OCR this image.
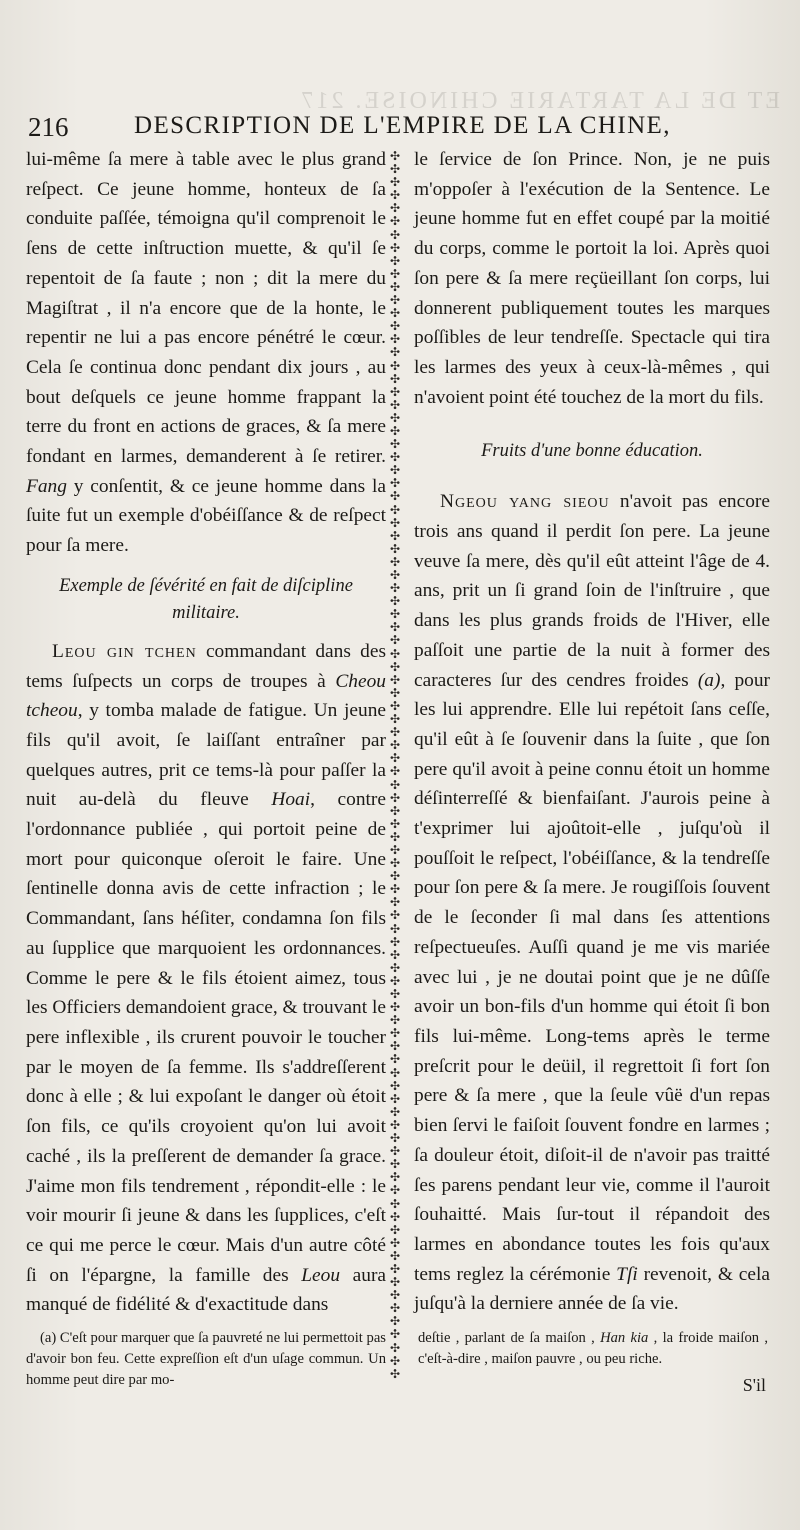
ET DE LA TARTARIE CHINOISE. 217
216	DESCRIPTION DE L'EMPIRE DE LA CHINE,

lui-même ſa mere à table avec le plus grand reſpect. Ce jeune homme, honteux de ſa conduite paſſée, témoigna qu'il comprenoit le ſens de cette inſtruction muette, & qu'il ſe repentoit de ſa faute ; non ; dit la mere du Magiſtrat , il n'a encore que de la honte, le repentir ne lui a pas encore pénétré le cœur. Cela ſe continua donc pendant dix jours , au bout deſquels ce jeune homme frappant la terre du front en actions de graces, & ſa mere fondant en larmes, demanderent à ſe retirer. Fang y conſentit, & ce jeune homme dans la ſuite fut un exemple d'obéiſſance & de reſpect pour ſa mere.

Exemple de ſévérité en fait de diſcipline militaire.

Leou gin tchen commandant dans des tems ſuſpects un corps de troupes à Cheou tcheou, y tomba malade de fatigue. Un jeune fils qu'il avoit, ſe laiſſant entraîner par quelques autres, prit ce tems-là pour paſſer la nuit au-delà du fleuve Hoai, contre l'ordonnance publiée , qui portoit peine de mort pour quiconque oſeroit le faire. Une ſentinelle donna avis de cette infraction ; le Commandant, ſans héſiter, condamna ſon fils au ſupplice que marquoient les ordonnances. Comme le pere & le fils étoient aimez, tous les Officiers demandoient grace, & trouvant le pere inflexible , ils crurent pouvoir le toucher par le moyen de ſa femme. Ils s'addreſſerent donc à elle ; & lui expoſant le danger où étoit ſon fils, ce qu'ils croyoient qu'on lui avoit caché , ils la preſſerent de demander ſa grace. J'aime mon fils tendrement , répondit-elle : le voir mourir ſi jeune & dans les ſupplices, c'eſt ce qui me perce le cœur. Mais d'un autre côté ſi on l'épargne, la famille des Leou aura manqué de fidélité & d'exactitude dans

✣
✣
✣
✣
✣
✣
✣
✣
✣
✣
✣
✣
✣
✣
✣
✣
✣
✣
✣
✣
✣
✣
✣
✣
✣
✣
✣
✣
✣
✣
✣
✣
✣
✣
✣
✣
✣
✣
✣
✣
✣
✣
✣
✣
✣
✣
✣
✣
✣
✣
✣
✣
✣
✣
✣
✣
✣
✣
✣
✣
✣
✣
✣
✣
✣
✣
✣
✣
✣
✣
✣
✣
✣
✣
✣
✣
✣
✣
✣
✣
✣
✣
✣
✣
✣
✣
✣
✣
✣
✣
✣
✣
✣
✣

le ſervice de ſon Prince. Non, je ne puis m'oppoſer à l'exécution de la Sentence. Le jeune homme fut en effet coupé par la moitié du corps, comme le portoit la loi. Après quoi ſon pere & ſa mere reçüeillant ſon corps, lui donnerent publiquement toutes les marques poſſibles de leur tendreſſe. Spectacle qui tira les larmes des yeux à ceux-là-mêmes , qui n'avoient point été touchez de la mort du fils.

Fruits d'une bonne éducation.

Ngeou yang sieou n'avoit pas encore trois ans quand il perdit ſon pere. La jeune veuve ſa mere, dès qu'il eût atteint l'âge de 4. ans, prit un ſi grand ſoin de l'inſtruire , que dans les plus grands froids de l'Hiver, elle paſſoit une partie de la nuit à former des caracteres ſur des cendres froides (a), pour les lui apprendre. Elle lui repétoit ſans ceſſe, qu'il eût à ſe ſouvenir dans la ſuite , que ſon pere qu'il avoit à peine connu étoit un homme déſinterreſſé & bienfaiſant. J'aurois peine à t'exprimer lui ajoûtoit-elle , juſqu'où il pouſſoit le reſpect, l'obéiſſance, & la tendreſſe pour ſon pere & ſa mere. Je rougiſſois ſouvent de le ſeconder ſi mal dans ſes attentions reſpectueuſes. Auſſi quand je me vis mariée avec lui , je ne doutai point que je ne dûſſe avoir un bon-fils d'un homme qui étoit ſi bon fils lui-même. Long-tems après le terme preſcrit pour le deüil, il regrettoit ſi fort ſon pere & ſa mere , que la ſeule vûë d'un repas bien ſervi le faiſoit ſouvent fondre en larmes ; ſa douleur étoit, diſoit-il de n'avoir pas traitté ſes parens pendant leur vie, comme il l'auroit ſouhaitté. Mais ſur-tout il répandoit des larmes en abondance toutes les fois qu'aux tems reglez la cérémonie Tſi revenoit, & cela juſqu'à la derniere année de ſa vie.

(a) C'eſt pour marquer que ſa pauvreté ne lui permettoit pas d'avoir bon feu. Cette expreſſion eſt d'un uſage commun. Un homme peut dire par mo-

deſtie , parlant de ſa maiſon , Han kia , la froide maiſon , c'eſt-à-dire , maiſon pauvre , ou peu riche.

S'il
